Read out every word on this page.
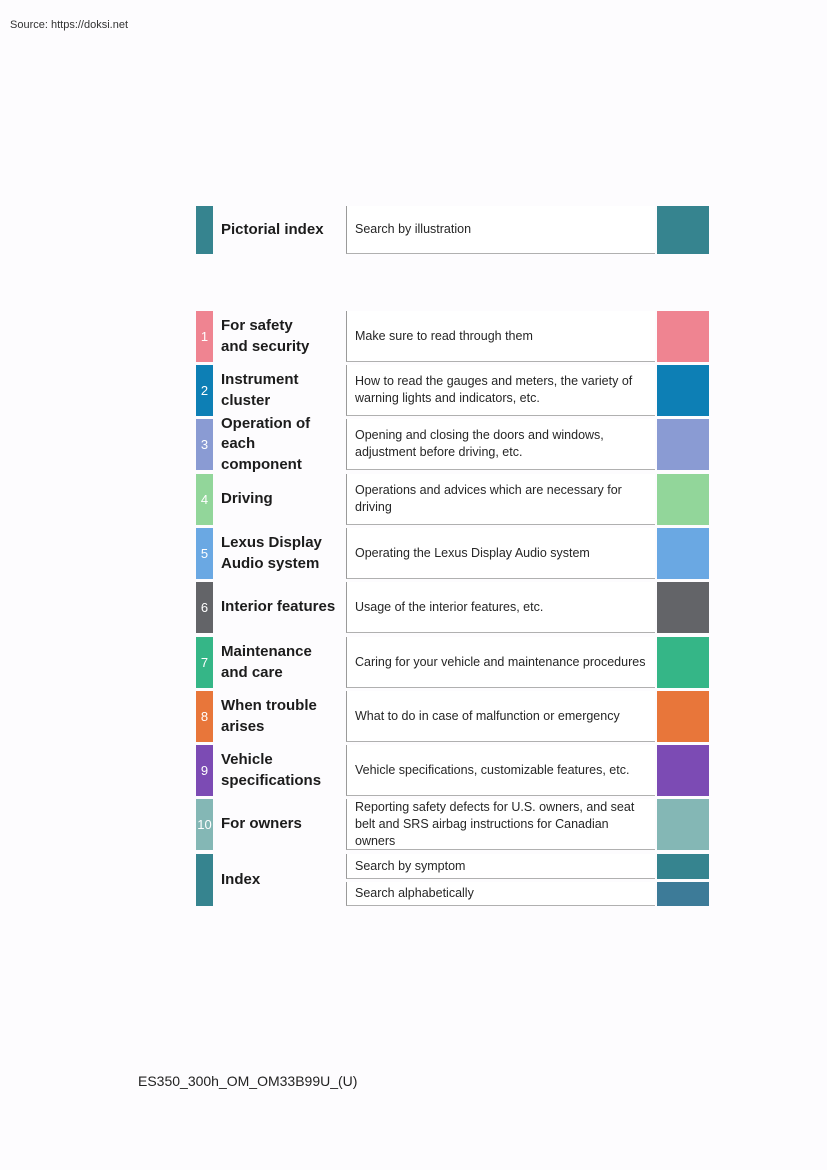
Source: https://doksi.net
Pictorial index	Search by illustration
1
For safety
and security
Make sure to read through them
2
Instrument cluster
How to read the gauges and meters, the variety of warning lights and indicators, etc.
3
Operation of each
component
Opening and closing the doors and windows, adjustment before driving, etc.
4 Driving
Operations and advices which are necessary for driving
5
Lexus Display
Audio system
Operating the Lexus Display Audio system
6 Interior features	Usage of the interior features, etc.
7
Maintenance
and care
Caring for your vehicle and maintenance procedures
8
When trouble
arises
What to do in case of malfunction or emergency
9
Vehicle
specifications
Vehicle specifications, customizable features, etc.
10 For owners
Reporting safety defects for U.S. owners, and seat belt and SRS airbag instructions for Canadian owners
Index
Search by symptom
Search alphabetically
ES350_300h_OM_OM33B99U_(U)
